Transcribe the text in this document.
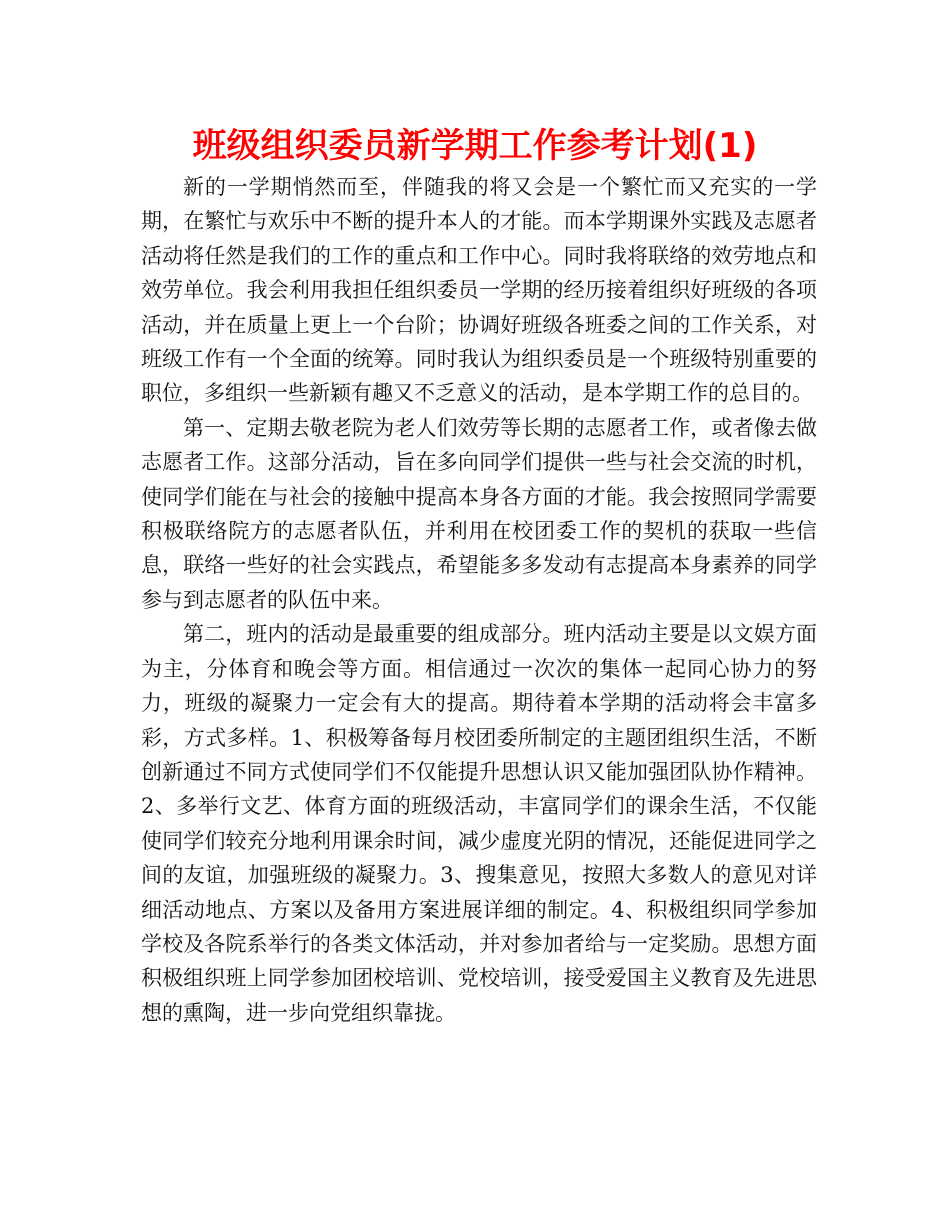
班级组织委员新学期工作参考计划(1)

新的一学期悄然而至，伴随我的将又会是一个繁忙而又充实的一学期，在繁忙与欢乐中不断的提升本人的才能。而本学期课外实践及志愿者活动将任然是我们的工作的重点和工作中心。同时我将联络的效劳地点和效劳单位。我会利用我担任组织委员一学期的经历接着组织好班级的各项活动，并在质量上更上一个台阶；协调好班级各班委之间的工作关系，对班级工作有一个全面的统筹。同时我认为组织委员是一个班级特别重要的职位，多组织一些新颖有趣又不乏意义的活动，是本学期工作的总目的。

第一、定期去敬老院为老人们效劳等长期的志愿者工作，或者像去做志愿者工作。这部分活动，旨在多向同学们提供一些与社会交流的时机，使同学们能在与社会的接触中提高本身各方面的才能。我会按照同学需要积极联络院方的志愿者队伍，并利用在校团委工作的契机的获取一些信息，联络一些好的社会实践点，希望能多多发动有志提高本身素养的同学参与到志愿者的队伍中来。

第二，班内的活动是最重要的组成部分。班内活动主要是以文娱方面为主，分体育和晚会等方面。相信通过一次次的集体一起同心协力的努力，班级的凝聚力一定会有大的提高。期待着本学期的活动将会丰富多彩，方式多样。1、积极筹备每月校团委所制定的主题团组织生活，不断创新通过不同方式使同学们不仅能提升思想认识又能加强团队协作精神。2、多举行文艺、体育方面的班级活动，丰富同学们的课余生活，不仅能使同学们较充分地利用课余时间，减少虚度光阴的情况，还能促进同学之间的友谊，加强班级的凝聚力。3、搜集意见，按照大多数人的意见对详细活动地点、方案以及备用方案进展详细的制定。4、积极组织同学参加学校及各院系举行的各类文体活动，并对参加者给与一定奖励。思想方面积极组织班上同学参加团校培训、党校培训，接受爱国主义教育及先进思想的熏陶，进一步向党组织靠拢。
